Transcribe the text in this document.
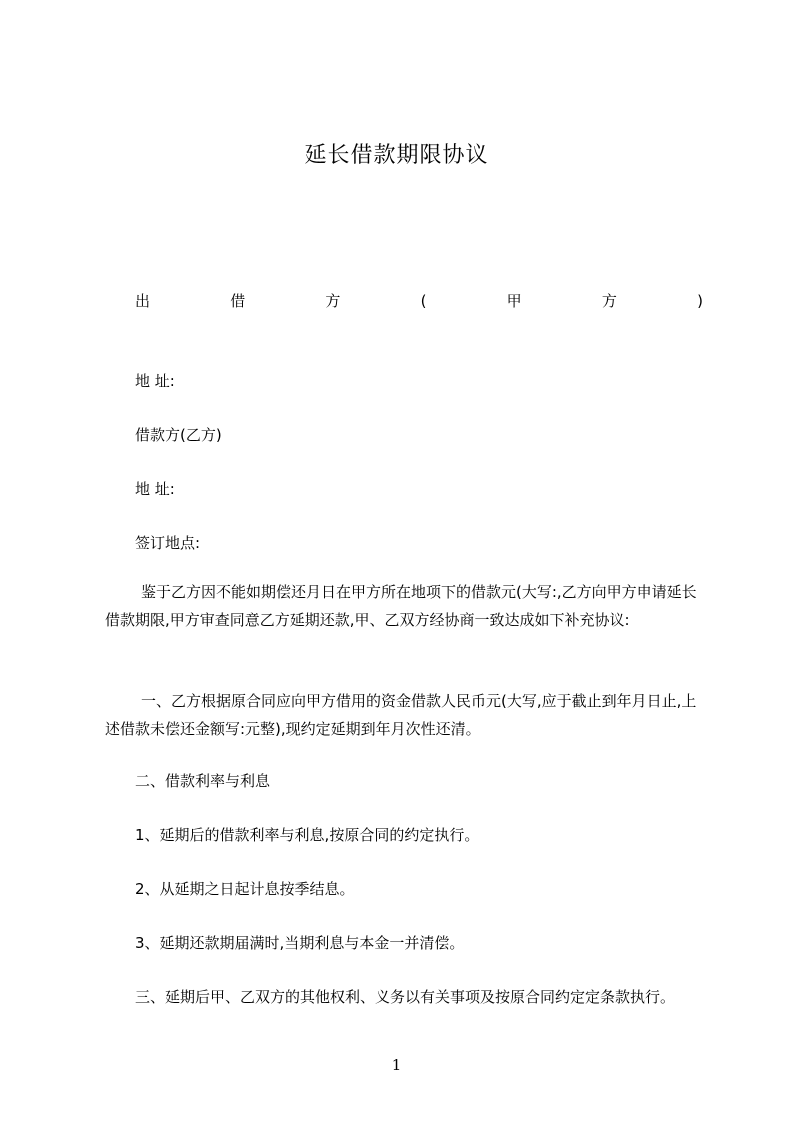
延长借款期限协议
出	借	方	(	甲	方	)
地 址:
借款方(乙方)
地 址:
签订地点:
鉴于乙方因不能如期偿还月日在甲方所在地项下的借款元(大写:,乙方向甲方申请延长借款期限,甲方审查同意乙方延期还款,甲、乙双方经协商一致达成如下补充协议:
一、乙方根据原合同应向甲方借用的资金借款人民币元(大写,应于截止到年月日止,上述借款未偿还金额写:元整),现约定延期到年月次性还清。
二、借款利率与利息
1、延期后的借款利率与利息,按原合同的约定执行。
2、从延期之日起计息按季结息。
3、延期还款期届满时,当期利息与本金一并清偿。
三、延期后甲、乙双方的其他权利、义务以有关事项及按原合同约定定条款执行。
1
